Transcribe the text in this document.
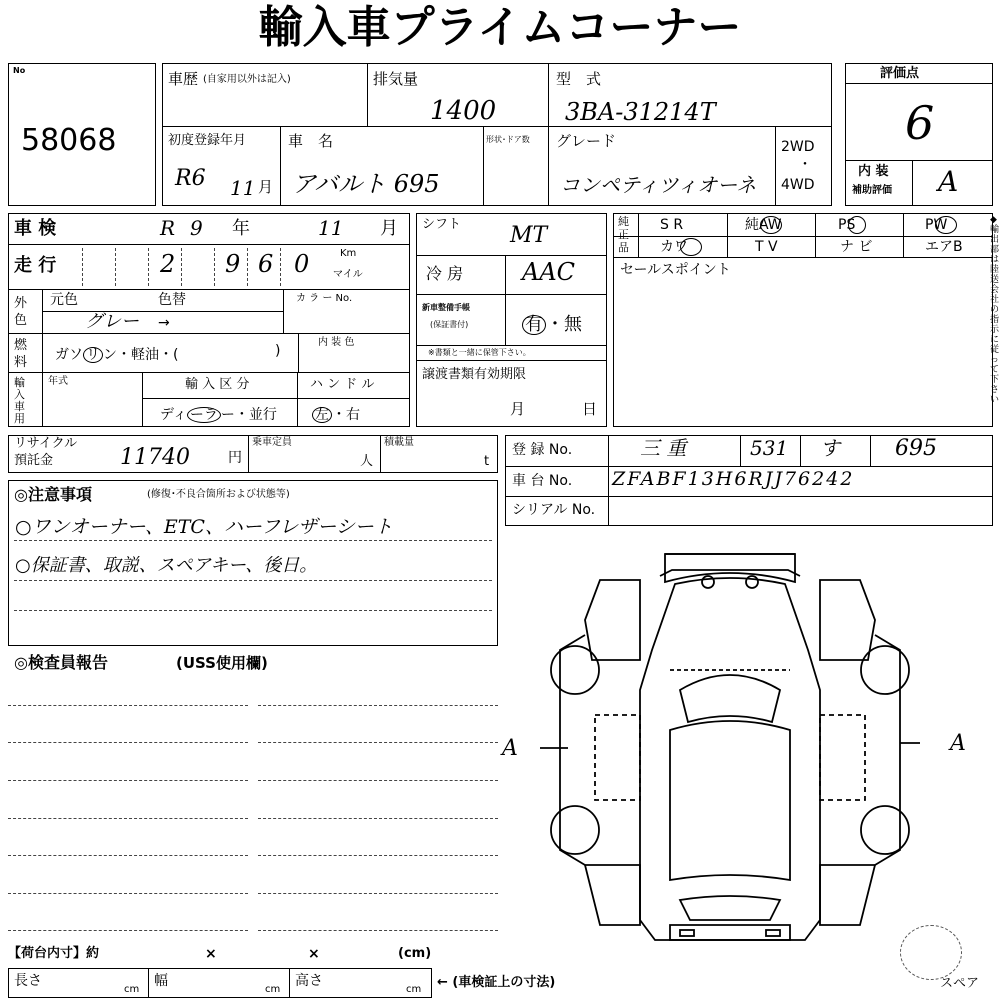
輸入車プライムコーナー
No
58068
車歴 (自家用以外は記入)	排気量
1400
型　式
3BA-31214T
初度登録年月
R6 11 月
車　名
アバルト 695
形状･ドア数 グレード
コンペティツィオーネ
2WD
・
4WD
評価点
6
内 装
補助評価 A
車 検	R 9 年	11 月
走 行	2 9 6 0	Km
マイル
外色
元色	色替	カ ラ ー No.
グレー →
燃料 ガソ リ ン・軽油・(	)
内 装 色
輸入車用
年式	輸 入 区 分	ハ ン ド ル
ディ ーラ ー・並行	左 ・右
シフト MT
冷 房 AAC
新車整備手帳
(保証書付)	有 ・無
※書類と一緒に保管下さい。
譲渡書類有効期限
月	日
純正品
S R	純AW	PS	PW
カワ	T V	ナ ビ	エアB
セールスポイント
リサイクル
預託金	11740	円
乗車定員
人
積載量
t
登 録 No.	三 重	531 す	695
車 台 No. ZFABF13H6RJJ76242
シリアル No.
◎注意事項	(修復･不良合箇所および状態等)
○ワンオーナー、ETC、ハーフレザーシート
○保証書、取説、スペアキー、後日。
◎検査員報告	(USS使用欄)
A	A
スペア
【荷台内寸】約	×	×	(cm)
長さ
cm
幅
cm
高さ
cm ← (車検証上の寸法)
◆輸出部は陸送会社の指示に従って下さい
